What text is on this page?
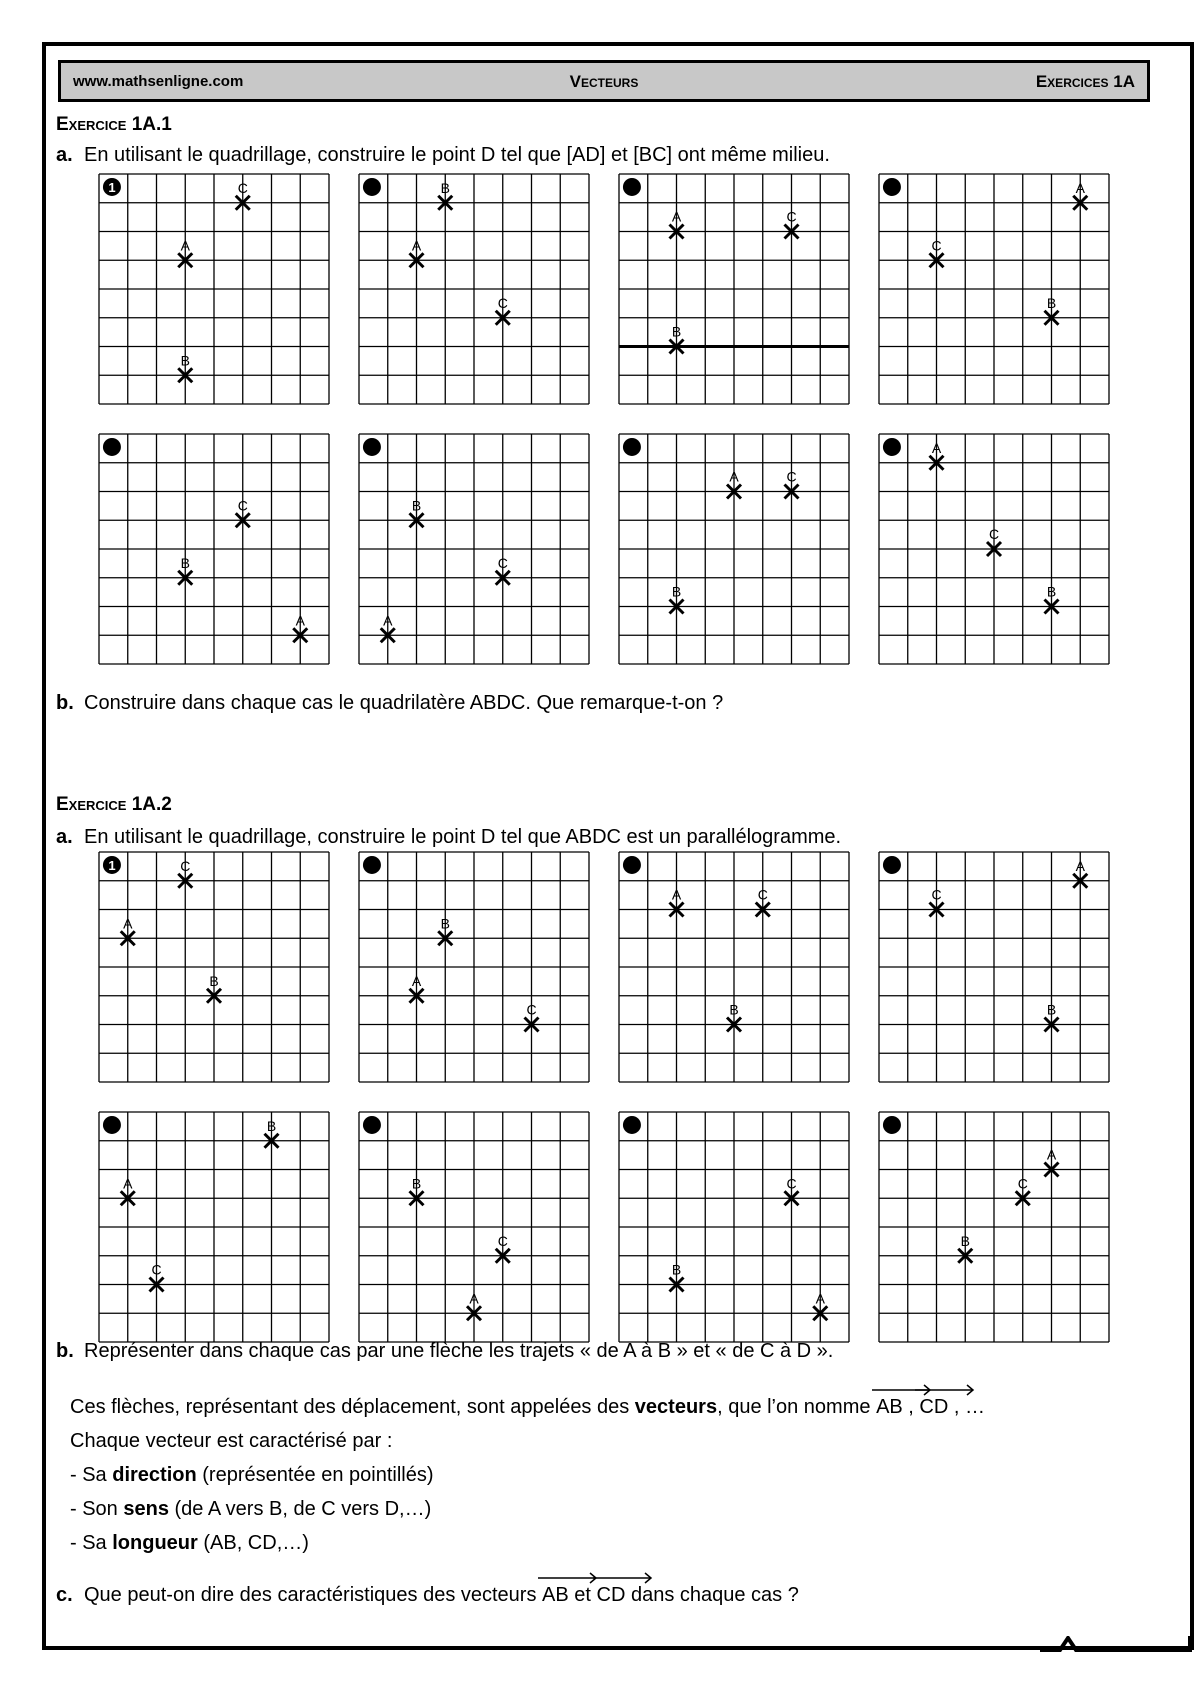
www.mathsenligne.com	Vecteurs	Exercices 1A
Exercice 1A.1
a. En utilisant le quadrillage, construire le point D tel que [AD] et [BC] ont même milieu.
b. Construire dans chaque cas le quadrilatère ABDC. Que remarque-t-on ?
Exercice 1A.2
a. En utilisant le quadrillage, construire le point D tel que ABDC est un parallélogramme.
b. Représenter dans chaque cas par une flèche les trajets « de A à B » et « de C à D ».
Ces flèches, représentant des déplacement, sont appelées des vecteurs, que l’on nomme
AB ,
CD , …
Chaque vecteur est caractérisé par :
- Sa direction (représentée en pointillés)
- Son sens (de A vers B, de C vers D,…)
- Sa longueur (AB, CD,…)
c. Que peut-on dire des caractéristiques des vecteurs
AB et
CD dans chaque cas ?
1	C
A
B
B
A
C
A	C
B
A
C
B
C
B
A
B
C
A
A	C
B
A
C
B
1	C
A
B
B
A
C
A	C
B
A
C
B
B
A
C
B
C
A
C
B
A
A
C
B
